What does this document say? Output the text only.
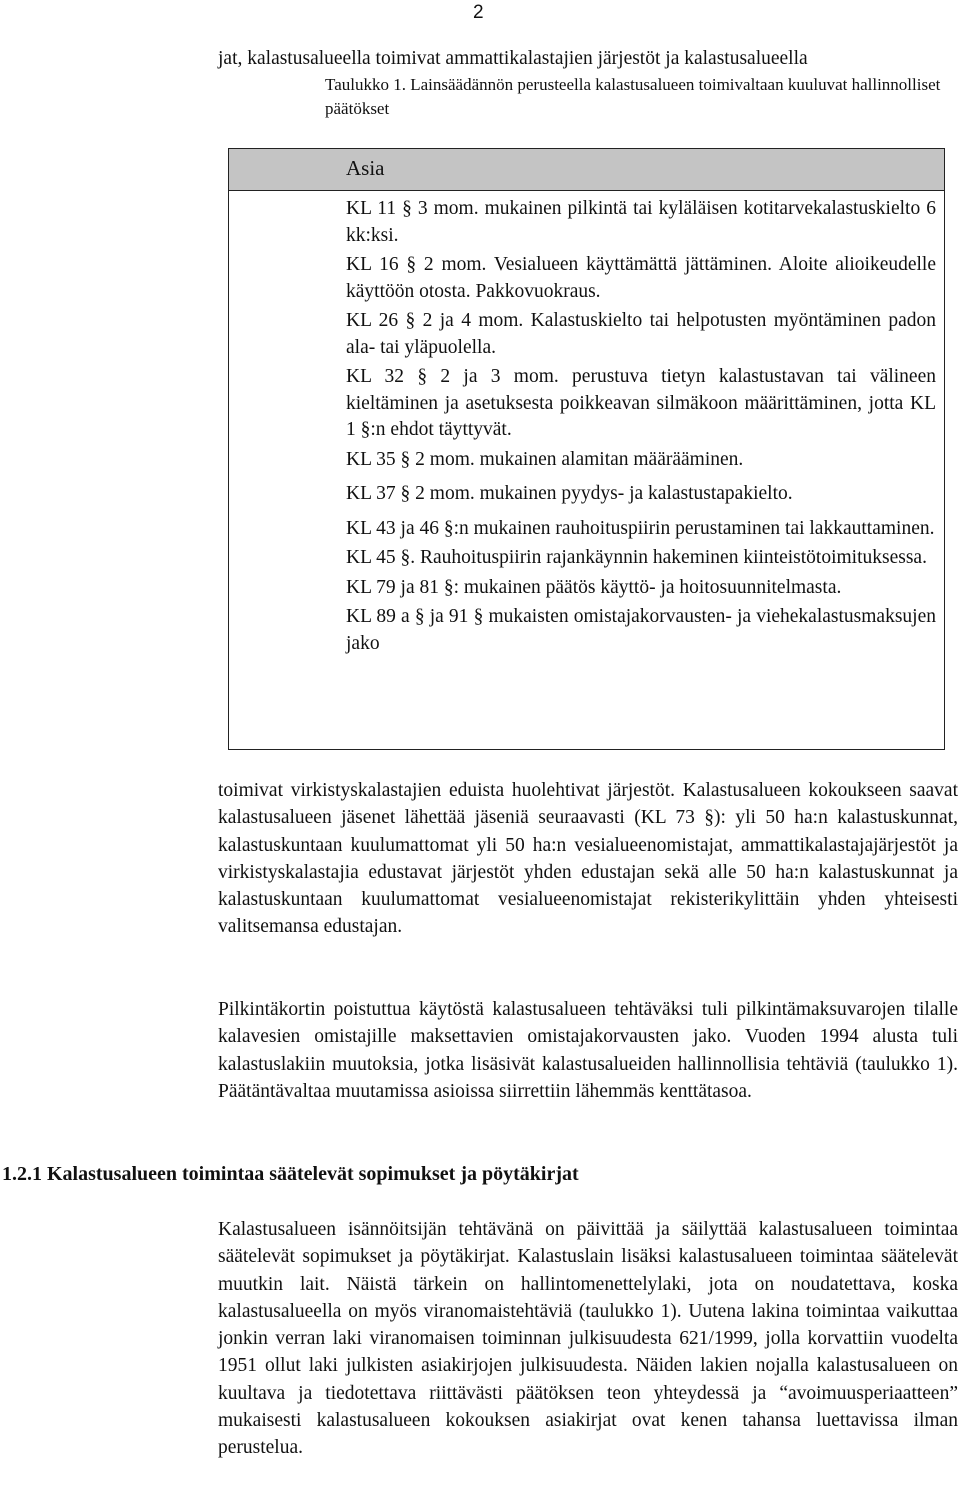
2
jat, kalastusalueella toimivat ammattikalastajien järjestöt ja kalastusalueella
Taulukko 1. Lainsäädännön perusteella kalastusalueen toimivaltaan kuuluvat hallinnolliset päätökset
Asia
KL 11 § 3 mom. mukainen pilkintä tai kyläläisen kotitarvekalastuskielto 6 kk:ksi.
KL 16 § 2 mom. Vesialueen käyttämättä jättäminen. Aloite alioikeudelle käyttöön otosta. Pakkovuokraus.
KL 26 § 2 ja 4 mom. Kalastuskielto tai helpotusten myöntäminen padon ala- tai yläpuolella.
KL 32 § 2 ja 3 mom. perustuva tietyn kalastustavan tai välineen kieltäminen ja asetuksesta poikkeavan silmäkoon määrittäminen, jotta KL 1 §:n ehdot täyttyvät.
KL 35 § 2 mom. mukainen alamitan määrääminen.
KL 37 § 2 mom. mukainen pyydys- ja kalastustapakielto.
KL 43 ja 46 §:n mukainen rauhoituspiirin perustaminen tai lakkauttaminen.
KL 45 §. Rauhoituspiirin rajankäynnin hakeminen kiinteistötoimituksessa.
KL 79 ja 81 §: mukainen päätös käyttö- ja hoitosuunnitelmasta.
KL 89 a § ja 91 § mukaisten omistajakorvausten- ja viehekalastusmaksujen jako
toimivat virkistyskalastajien eduista huolehtivat järjestöt. Kalastusalueen kokoukseen saavat kalastusalueen jäsenet lähettää jäseniä seuraavasti (KL 73 §): yli 50 ha:n kalastuskunnat, kalastuskuntaan kuulumattomat yli 50 ha:n vesialueenomistajat, ammattikalastajajärjestöt ja virkistyskalastajia edustavat järjestöt yhden edustajan sekä alle 50 ha:n kalastuskunnat ja kalastuskuntaan kuulumattomat vesialueenomistajat rekisterikylittäin yhden yhteisesti valitsemansa edustajan.
Pilkintäkortin poistuttua käytöstä kalastusalueen tehtäväksi tuli pilkintämaksuvarojen tilalle kalavesien omistajille maksettavien omistajakorvausten jako. Vuoden 1994 alusta tuli kalastuslakiin muutoksia, jotka lisäsivät kalastusalueiden hallinnollisia tehtäviä (taulukko 1). Päätäntävaltaa muutamissa asioissa siirrettiin lähemmäs kenttätasoa.
1.2.1 Kalastusalueen toimintaa säätelevät sopimukset ja pöytäkirjat
Kalastusalueen isännöitsijän tehtävänä on päivittää ja säilyttää kalastusalueen toimintaa säätelevät sopimukset ja pöytäkirjat. Kalastuslain lisäksi kalastusalueen toimintaa säätelevät muutkin lait. Näistä tärkein on hallintomenettelylaki, jota on noudatettava, koska kalastusalueella on myös viranomaistehtäviä (taulukko 1). Uutena lakina toimintaa vaikuttaa jonkin verran laki viranomaisen toiminnan julkisuudesta 621/1999, jolla korvattiin vuodelta 1951 ollut laki julkisten asiakirjojen julkisuudesta. Näiden lakien nojalla kalastusalueen on kuultava ja tiedotettava riittävästi päätöksen teon yhteydessä ja “avoimuusperiaatteen” mukaisesti kalastusalueen kokouksen asiakirjat ovat kenen tahansa luettavissa ilman perustelua.
